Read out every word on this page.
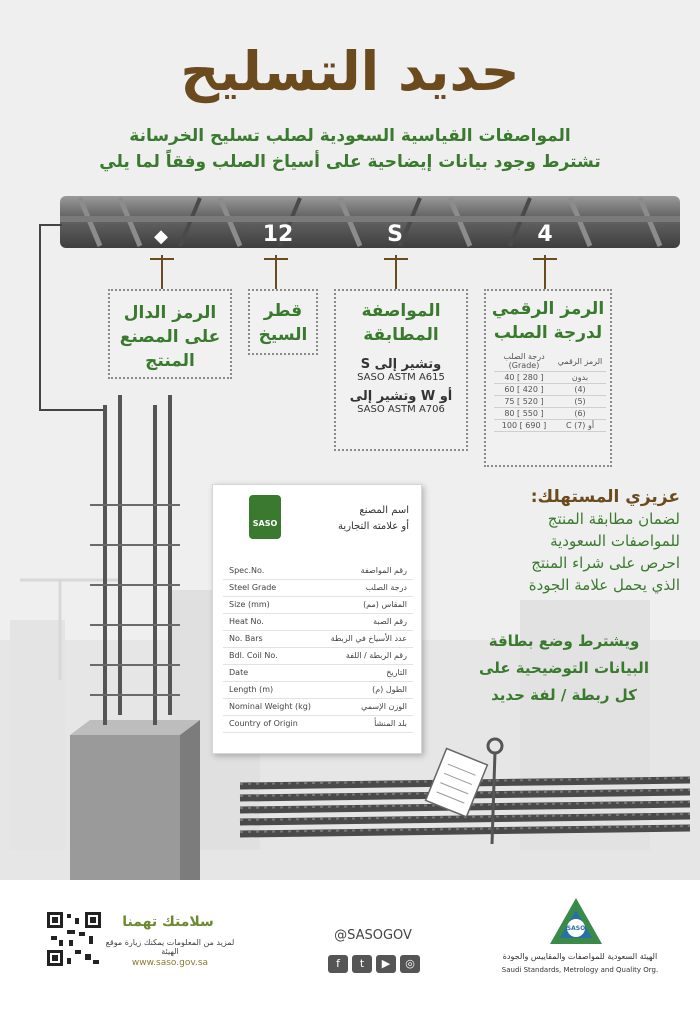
حديد التسليح
المواصفات القياسية السعودية لصلب تسليح الخرسانة
تشترط وجود بيانات إيضاحية على أسياخ الصلب وفقاً لما يلي
◆	12	S	4
الرمز الدال على المصنع المنتج
قطر السيخ
المواصفة المطابقة
S وتشير إلى
SASO ASTM A615
أو W وتشير إلى
SASO ASTM A706
الرمز الرقمي لدرجة الصلب
درجة الصلب (Grade)	الرمز الرقمي
40 [ 280 ]	بدون
60 [ 420 ]	(4)
75 [ 520 ]	(5)
80 [ 550 ]	(6)
100 [ 690 ]	C أو (7)
SASO
اسم المصنع
أو علامته التجارية
Spec.No.	رقم المواصفة
Steel Grade	درجة الصلب
Size (mm)	المقاس (مم)
Heat No.	رقم الصبة
No. Bars	عدد الأسياخ في الربطة
Bdl. Coil No.	رقم الربطة / اللفة
Date	التاريخ
Length (m)	الطول (م)
Nominal Weight (kg)	الوزن الإسمي
Country of Origin	بلد المنشأ
عزيزي المستهلك:
لضمان مطابقة المنتج
للمواصفات السعودية
احرص على شراء المنتج
الذي يحمل علامة الجودة
ويشترط وضع بطاقة
البيانات التوضيحية على
كل ربطة / لفة حديد
سلامتك تهمنا
لمزيد من المعلومات يمكنك زيارة موقع الهيئة
www.saso.gov.sa
@SASOGOV
f t ▶ ◎
SASO
الهيئة السعودية للمواصفات والمقاييس والجودة
Saudi Standards, Metrology and Quality Org.
